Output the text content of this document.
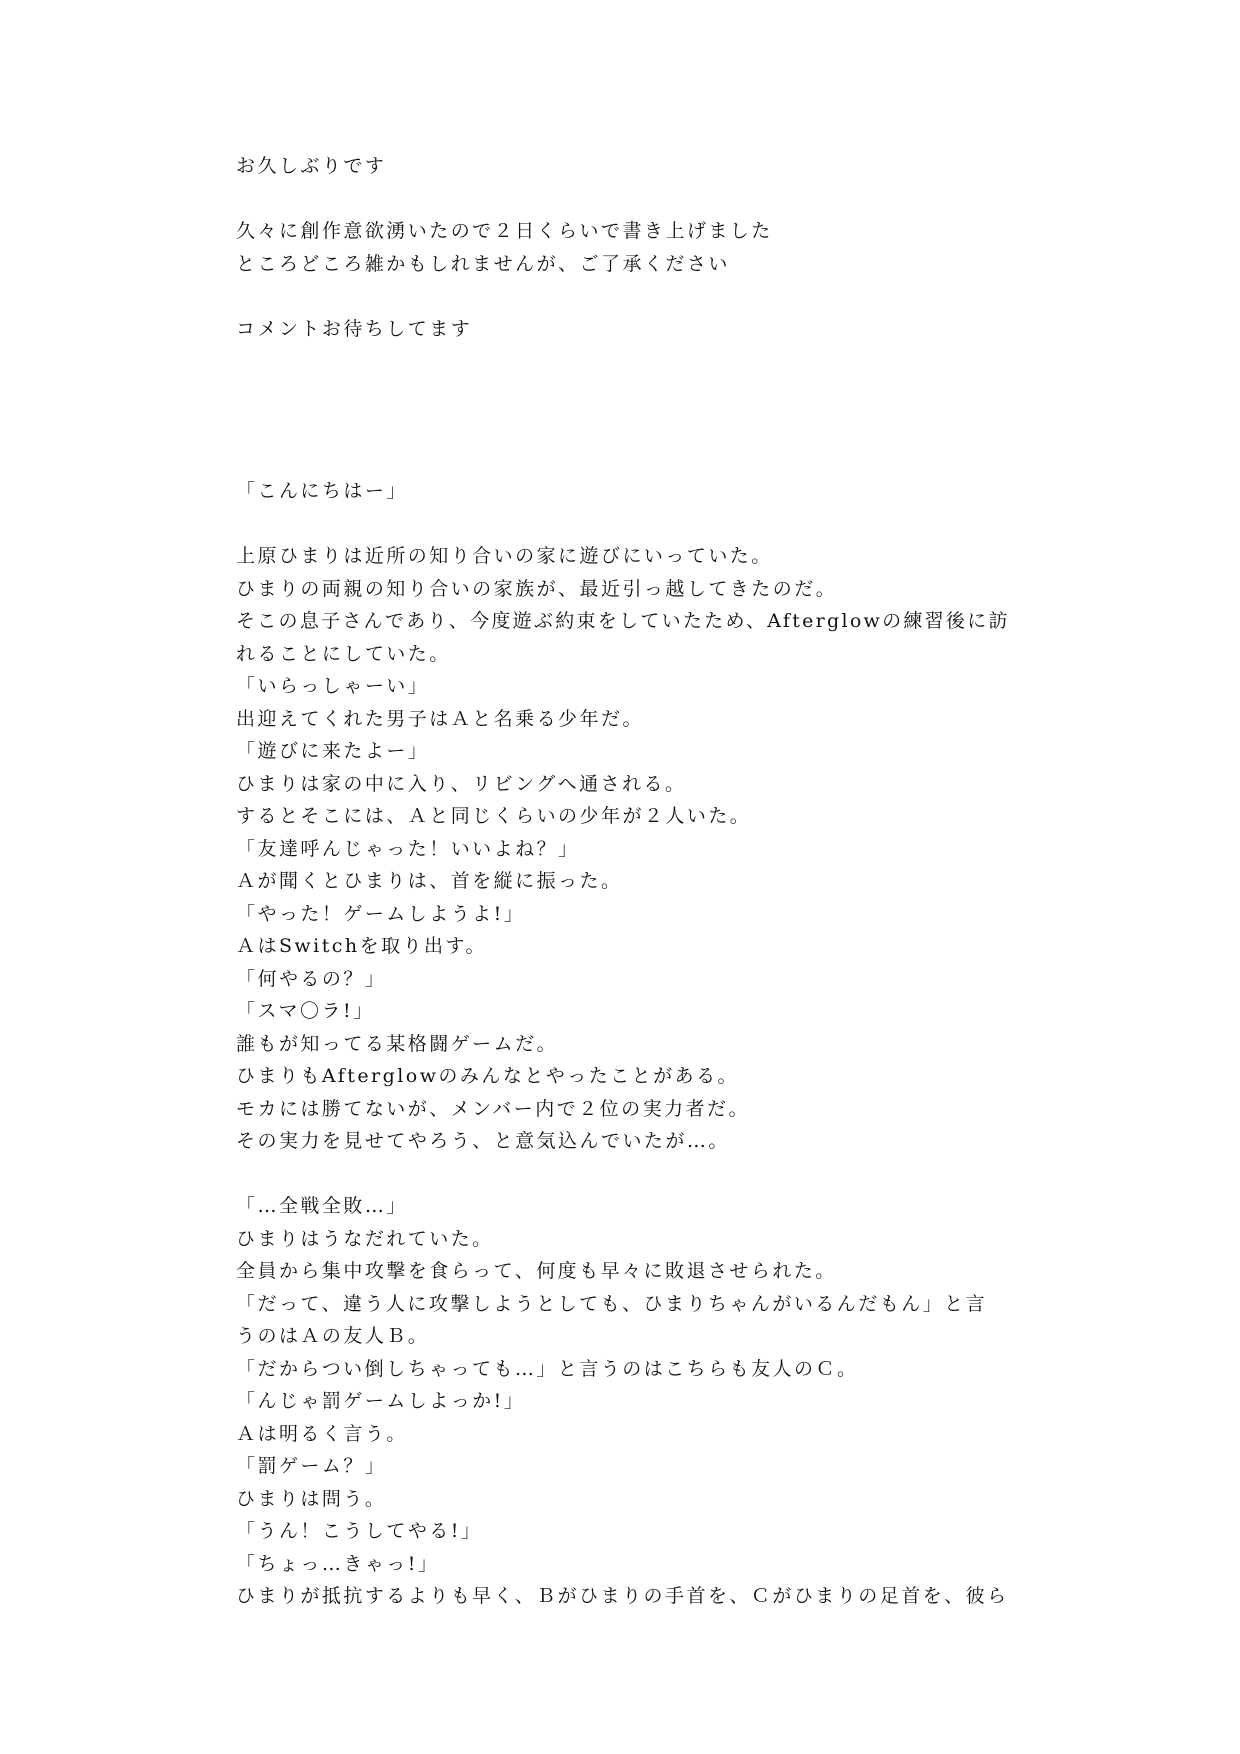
お久しぶりです
久々に創作意欲湧いたので２日くらいで書き上げました
ところどころ雑かもしれませんが、ご了承ください
コメントお待ちしてます
「こんにちはー」
上原ひまりは近所の知り合いの家に遊びにいっていた。
ひまりの両親の知り合いの家族が、最近引っ越してきたのだ。
そこの息子さんであり、今度遊ぶ約束をしていたため、Afterglowの練習後に訪
れることにしていた。
「いらっしゃーい」
出迎えてくれた男子はＡと名乗る少年だ。
「遊びに来たよー」
ひまりは家の中に入り、リビングへ通される。
するとそこには、Ａと同じくらいの少年が２人いた。
「友達呼んじゃった！いいよね？」
Ａが聞くとひまりは、首を縦に振った。
「やった！ゲームしようよ!」
ＡはSwitchを取り出す。
「何やるの？」
「スマ〇ラ!」
誰もが知ってる某格闘ゲームだ。
ひまりもAfterglowのみんなとやったことがある。
モカには勝てないが、メンバー内で２位の実力者だ。
その実力を見せてやろう、と意気込んでいたが…。
「…全戦全敗…」
ひまりはうなだれていた。
全員から集中攻撃を食らって、何度も早々に敗退させられた。
「だって、違う人に攻撃しようとしても、ひまりちゃんがいるんだもん」と言
うのはＡの友人Ｂ。
「だからつい倒しちゃっても…」と言うのはこちらも友人のＣ。
「んじゃ罰ゲームしよっか!」
Ａは明るく言う。
「罰ゲーム？」
ひまりは問う。
「うん！こうしてやる!」
「ちょっ…きゃっ!」
ひまりが抵抗するよりも早く、Ｂがひまりの手首を、Ｃがひまりの足首を、彼ら
